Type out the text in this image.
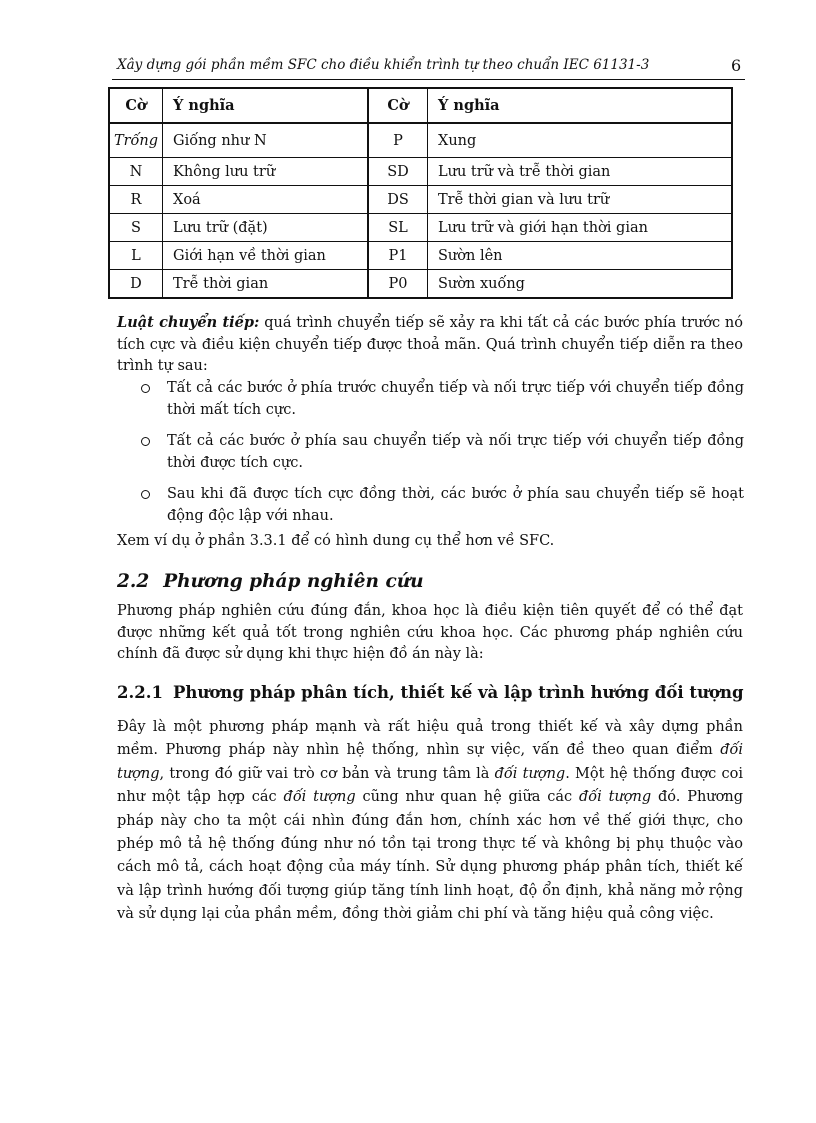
Xây dựng gói phần mềm SFC cho điều khiển trình tự theo chuẩn IEC 61131-3	6
Cờ	Ý nghĩa	Cờ	Ý nghĩa
Trống	Giống như N	P	Xung
N	Không lưu trữ	SD	Lưu trữ và trễ thời gian
R	Xoá	DS	Trễ thời gian và lưu trữ
S	Lưu trữ (đặt)	SL	Lưu trữ và giới hạn thời gian
L	Giới hạn về thời gian	P1	Sườn lên
D	Trễ thời gian	P0	Sườn xuống
Luật chuyển tiếp: quá trình chuyển tiếp sẽ xảy ra khi tất cả các bước phía trước nó tích cực và điều kiện chuyển tiếp được thoả mãn. Quá trình chuyển tiếp diễn ra theo trình tự sau:
Tất cả các bước ở phía trước chuyển tiếp và nối trực tiếp với chuyển tiếp đồng thời mất tích cực.
Tất cả các bước ở phía sau chuyển tiếp và nối trực tiếp với chuyển tiếp đồng thời được tích cực.
Sau khi đã được tích cực đồng thời, các bước ở phía sau chuyển tiếp sẽ hoạt động độc lập với nhau.
Xem ví dụ ở phần 3.3.1 để có hình dung cụ thể hơn về SFC.
2.2 Phương pháp nghiên cứu
Phương pháp nghiên cứu đúng đắn, khoa học là điều kiện tiên quyết để có thể đạt được những kết quả tốt trong nghiên cứu khoa học. Các phương pháp nghiên cứu chính đã được sử dụng khi thực hiện đồ án này là:
2.2.1 Phương pháp phân tích, thiết kế và lập trình hướng đối tượng
Đây là một phương pháp mạnh và rất hiệu quả trong thiết kế và xây dựng phần mềm. Phương pháp này nhìn hệ thống, nhìn sự việc, vấn đề theo quan điểm đối tượng, trong đó giữ vai trò cơ bản và trung tâm là đối tượng. Một hệ thống được coi như một tập hợp các đối tượng cũng như quan hệ giữa các đối tượng đó. Phương pháp này cho ta một cái nhìn đúng đắn hơn, chính xác hơn về thế giới thực, cho phép mô tả hệ thống đúng như nó tồn tại trong thực tế và không bị phụ thuộc vào cách mô tả, cách hoạt động của máy tính. Sử dụng phương pháp phân tích, thiết kế và lập trình hướng đối tượng giúp tăng tính linh hoạt, độ ổn định, khả năng mở rộng và sử dụng lại của phần mềm, đồng thời giảm chi phí và tăng hiệu quả công việc.
